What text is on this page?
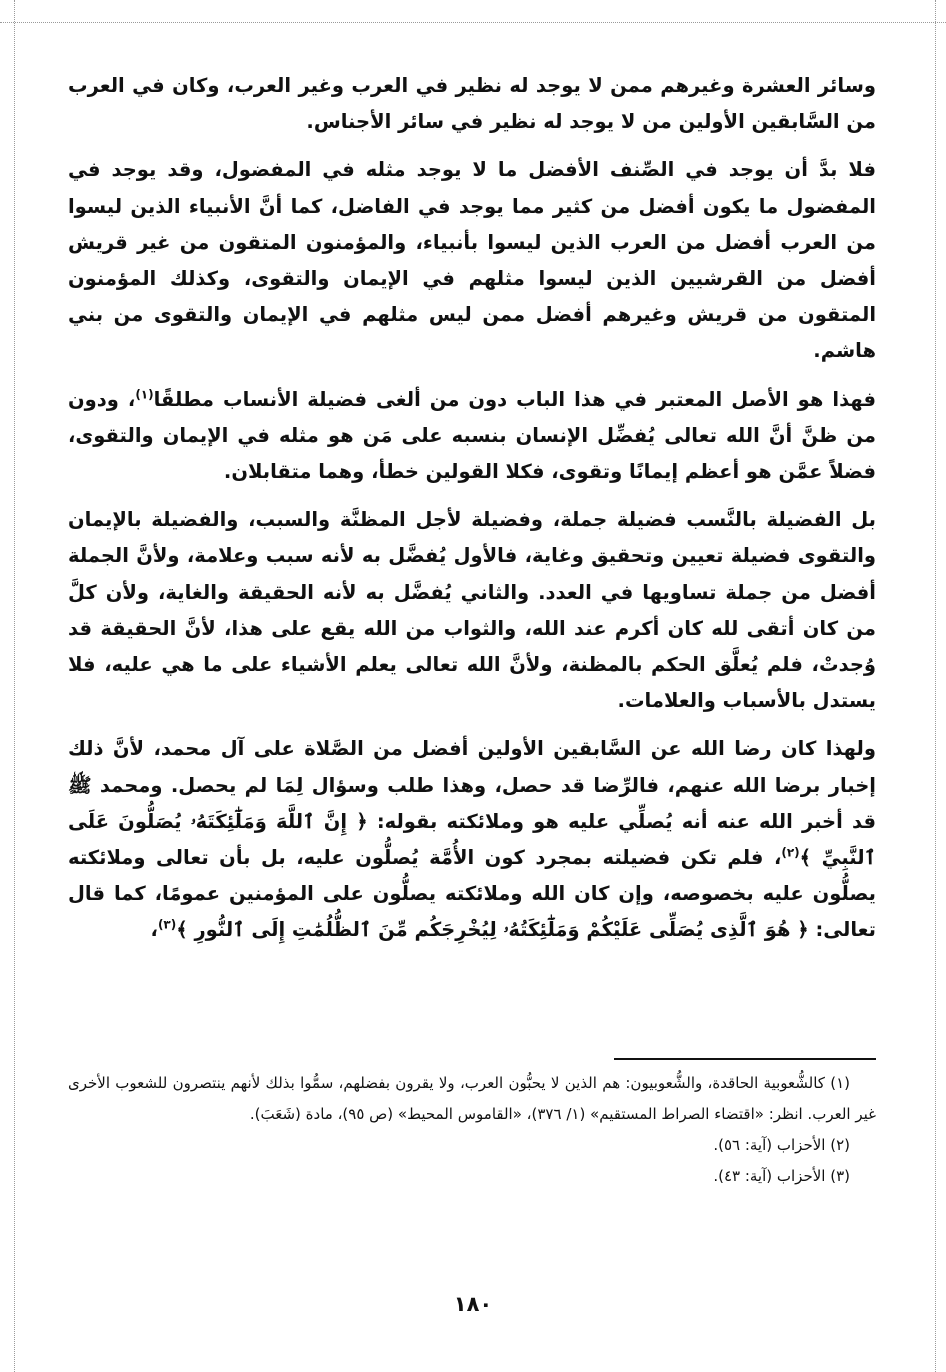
وسائر العشرة وغيرهم ممن لا يوجد له نظير في العرب وغير العرب، وكان في العرب من السَّابقين الأولين من لا يوجد له نظير في سائر الأجناس.

فلا بدَّ أن يوجد في الصِّنف الأفضل ما لا يوجد مثله في المفضول، وقد يوجد في المفضول ما يكون أفضل من كثير مما يوجد في الفاضل، كما أنَّ الأنبياء الذين ليسوا من العرب أفضل من العرب الذين ليسوا بأنبياء، والمؤمنون المتقون من غير قريش أفضل من القرشيين الذين ليسوا مثلهم في الإيمان والتقوى، وكذلك المؤمنون المتقون من قريش وغيرهم أفضل ممن ليس مثلهم في الإيمان والتقوى من بني هاشم.

فهذا هو الأصل المعتبر في هذا الباب دون من ألغى فضيلة الأنساب مطلقًا$^{(١)}$، ودون من ظنَّ أنَّ الله تعالى يُفضِّل الإنسان بنسبه على مَن هو مثله في الإيمان والتقوى، فضلاً عمَّن هو أعظم إيمانًا وتقوى، فكلا القولين خطأ، وهما متقابلان.

بل الفضيلة بالنَّسب فضيلة جملة، وفضيلة لأجل المظنَّة والسبب، والفضيلة بالإيمان والتقوى فضيلة تعيين وتحقيق وغاية، فالأول يُفضَّل به لأنه سبب وعلامة، ولأنَّ الجملة أفضل من جملة تساويها في العدد. والثاني يُفضَّل به لأنه الحقيقة والغاية، ولأن كلَّ من كان أتقى لله كان أكرم عند الله، والثواب من الله يقع على هذا، لأنَّ الحقيقة قد وُجدتْ، فلم يُعلَّق الحكم بالمظنة، ولأنَّ الله تعالى يعلم الأشياء على ما هي عليه، فلا يستدل بالأسباب والعلامات.

ولهذا كان رضا الله عن السَّابقين الأولين أفضل من الصَّلاة على آل محمد، لأنَّ ذلك إخبار برضا الله عنهم، فالرِّضا قد حصل، وهذا طلب وسؤال لِمَا لم يحصل. ومحمد ﷺ قد أخبر الله عنه أنه يُصلِّي عليه هو وملائكته بقوله: ﴿ إِنَّ ٱللَّهَ وَمَلَٰٓئِكَتَهُۥ يُصَلُّونَ عَلَى ٱلنَّبِيِّ ﴾$^{(٢)}$، فلم تكن فضيلته بمجرد كون الأُمَّة يُصلُّون عليه، بل بأن تعالى وملائكته يصلُّون عليه بخصوصه، وإن كان الله وملائكته يصلُّون على المؤمنين عمومًا، كما قال تعالى: ﴿ هُوَ ٱلَّذِى يُصَلِّى عَلَيْكُمْ وَمَلَٰٓئِكَتُهُۥ لِيُخْرِجَكُم مِّنَ ٱلظُّلُمَٰتِ إِلَى ٱلنُّورِ ﴾$^{(٣)}$،

(١) كالشُّعوبية الحاقدة، والشُّعوبيون: هم الذين لا يحبُّون العرب، ولا يقرون بفضلهم، سمُّوا بذلك لأنهم ينتصرون للشعوب الأخرى غير العرب. انظر: «اقتضاء الصراط المستقيم» (١/ ٣٧٦)، «القاموس المحيط» (ص ٩٥)، مادة (شَعَبَ).

(٢) الأحزاب (آية: ٥٦).

(٣) الأحزاب (آية: ٤٣).

١٨٠
